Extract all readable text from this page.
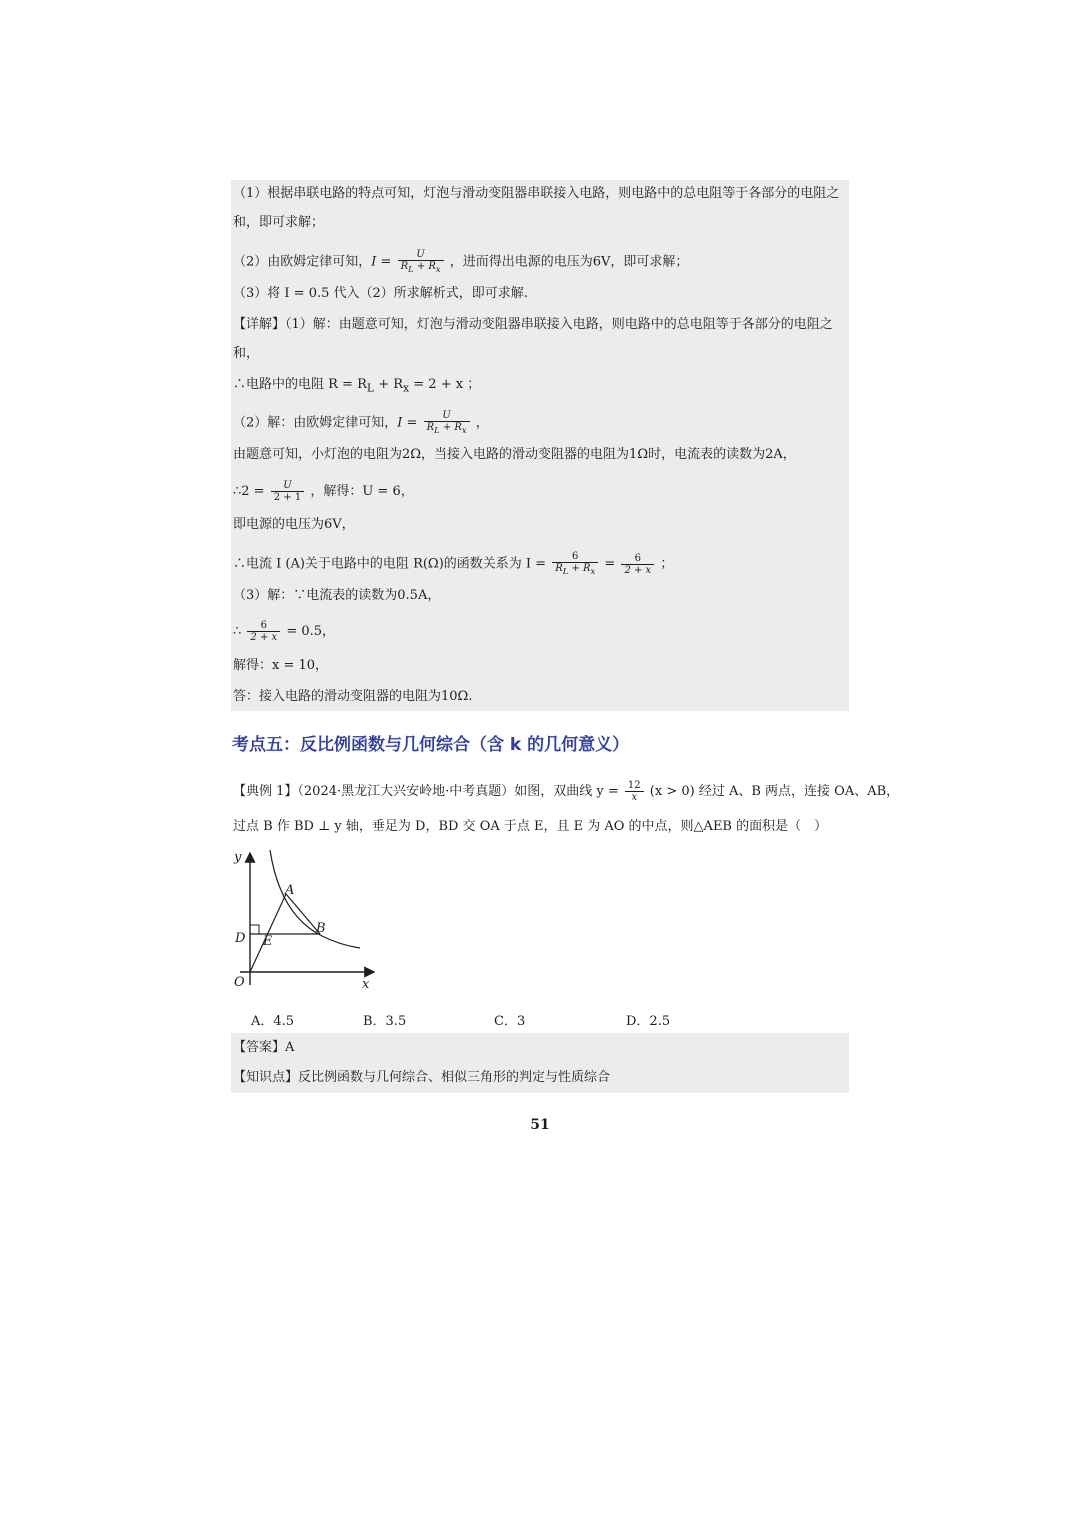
（1）根据串联电路的特点可知，灯泡与滑动变阻器串联接入电路，则电路中的总电阻等于各部分的电阻之
和，即可求解；
（2）由欧姆定律可知，$I = \frac{U}{R_L + R_x}$ ，进而得出电源的电压为6V，即可求解；
（3）将 I = 0.5 代入（2）所求解析式，即可求解.
【详解】（1）解：由题意可知，灯泡与滑动变阻器串联接入电路，则电路中的总电阻等于各部分的电阻之
和，
∴电路中的电阻 $R = R_L + R_x = 2 + x$ ；
（2）解：由欧姆定律可知，$I = \frac{U}{R_L + R_x}$ ，
由题意可知，小灯泡的电阻为2Ω，当接入电路的滑动变阻器的电阻为1Ω时，电流表的读数为2A，
∴2 = $\frac{U}{2 + 1}$ ，解得：U = 6，
即电源的电压为6V，
∴电流 I (A)关于电路中的电阻 R(Ω)的函数关系为 $I = \frac{6}{R_L + R_x} = \frac{6}{2 + x}$ ；
（3）解：∵电流表的读数为0.5A，
∴ $\frac{6}{2 + x} = 0.5$，
解得：x = 10，
答：接入电路的滑动变阻器的电阻为10Ω.
考点五：反比例函数与几何综合（含 k 的几何意义）
【典例 1】（2024·黑龙江大兴安岭地·中考真题）如图，双曲线 $y = \frac{12}{x} (x > 0)$ 经过 A、B 两点，连接 OA、AB，
过点 B 作 BD ⊥ y 轴，垂足为 D，BD 交 OA 于点 E，且 E 为 AO 的中点，则△AEB 的面积是（　）
y
x
O
D E
A
B
A．4.5	B．3.5	C．3	D．2.5
【答案】A
【知识点】反比例函数与几何综合、相似三角形的判定与性质综合
51
